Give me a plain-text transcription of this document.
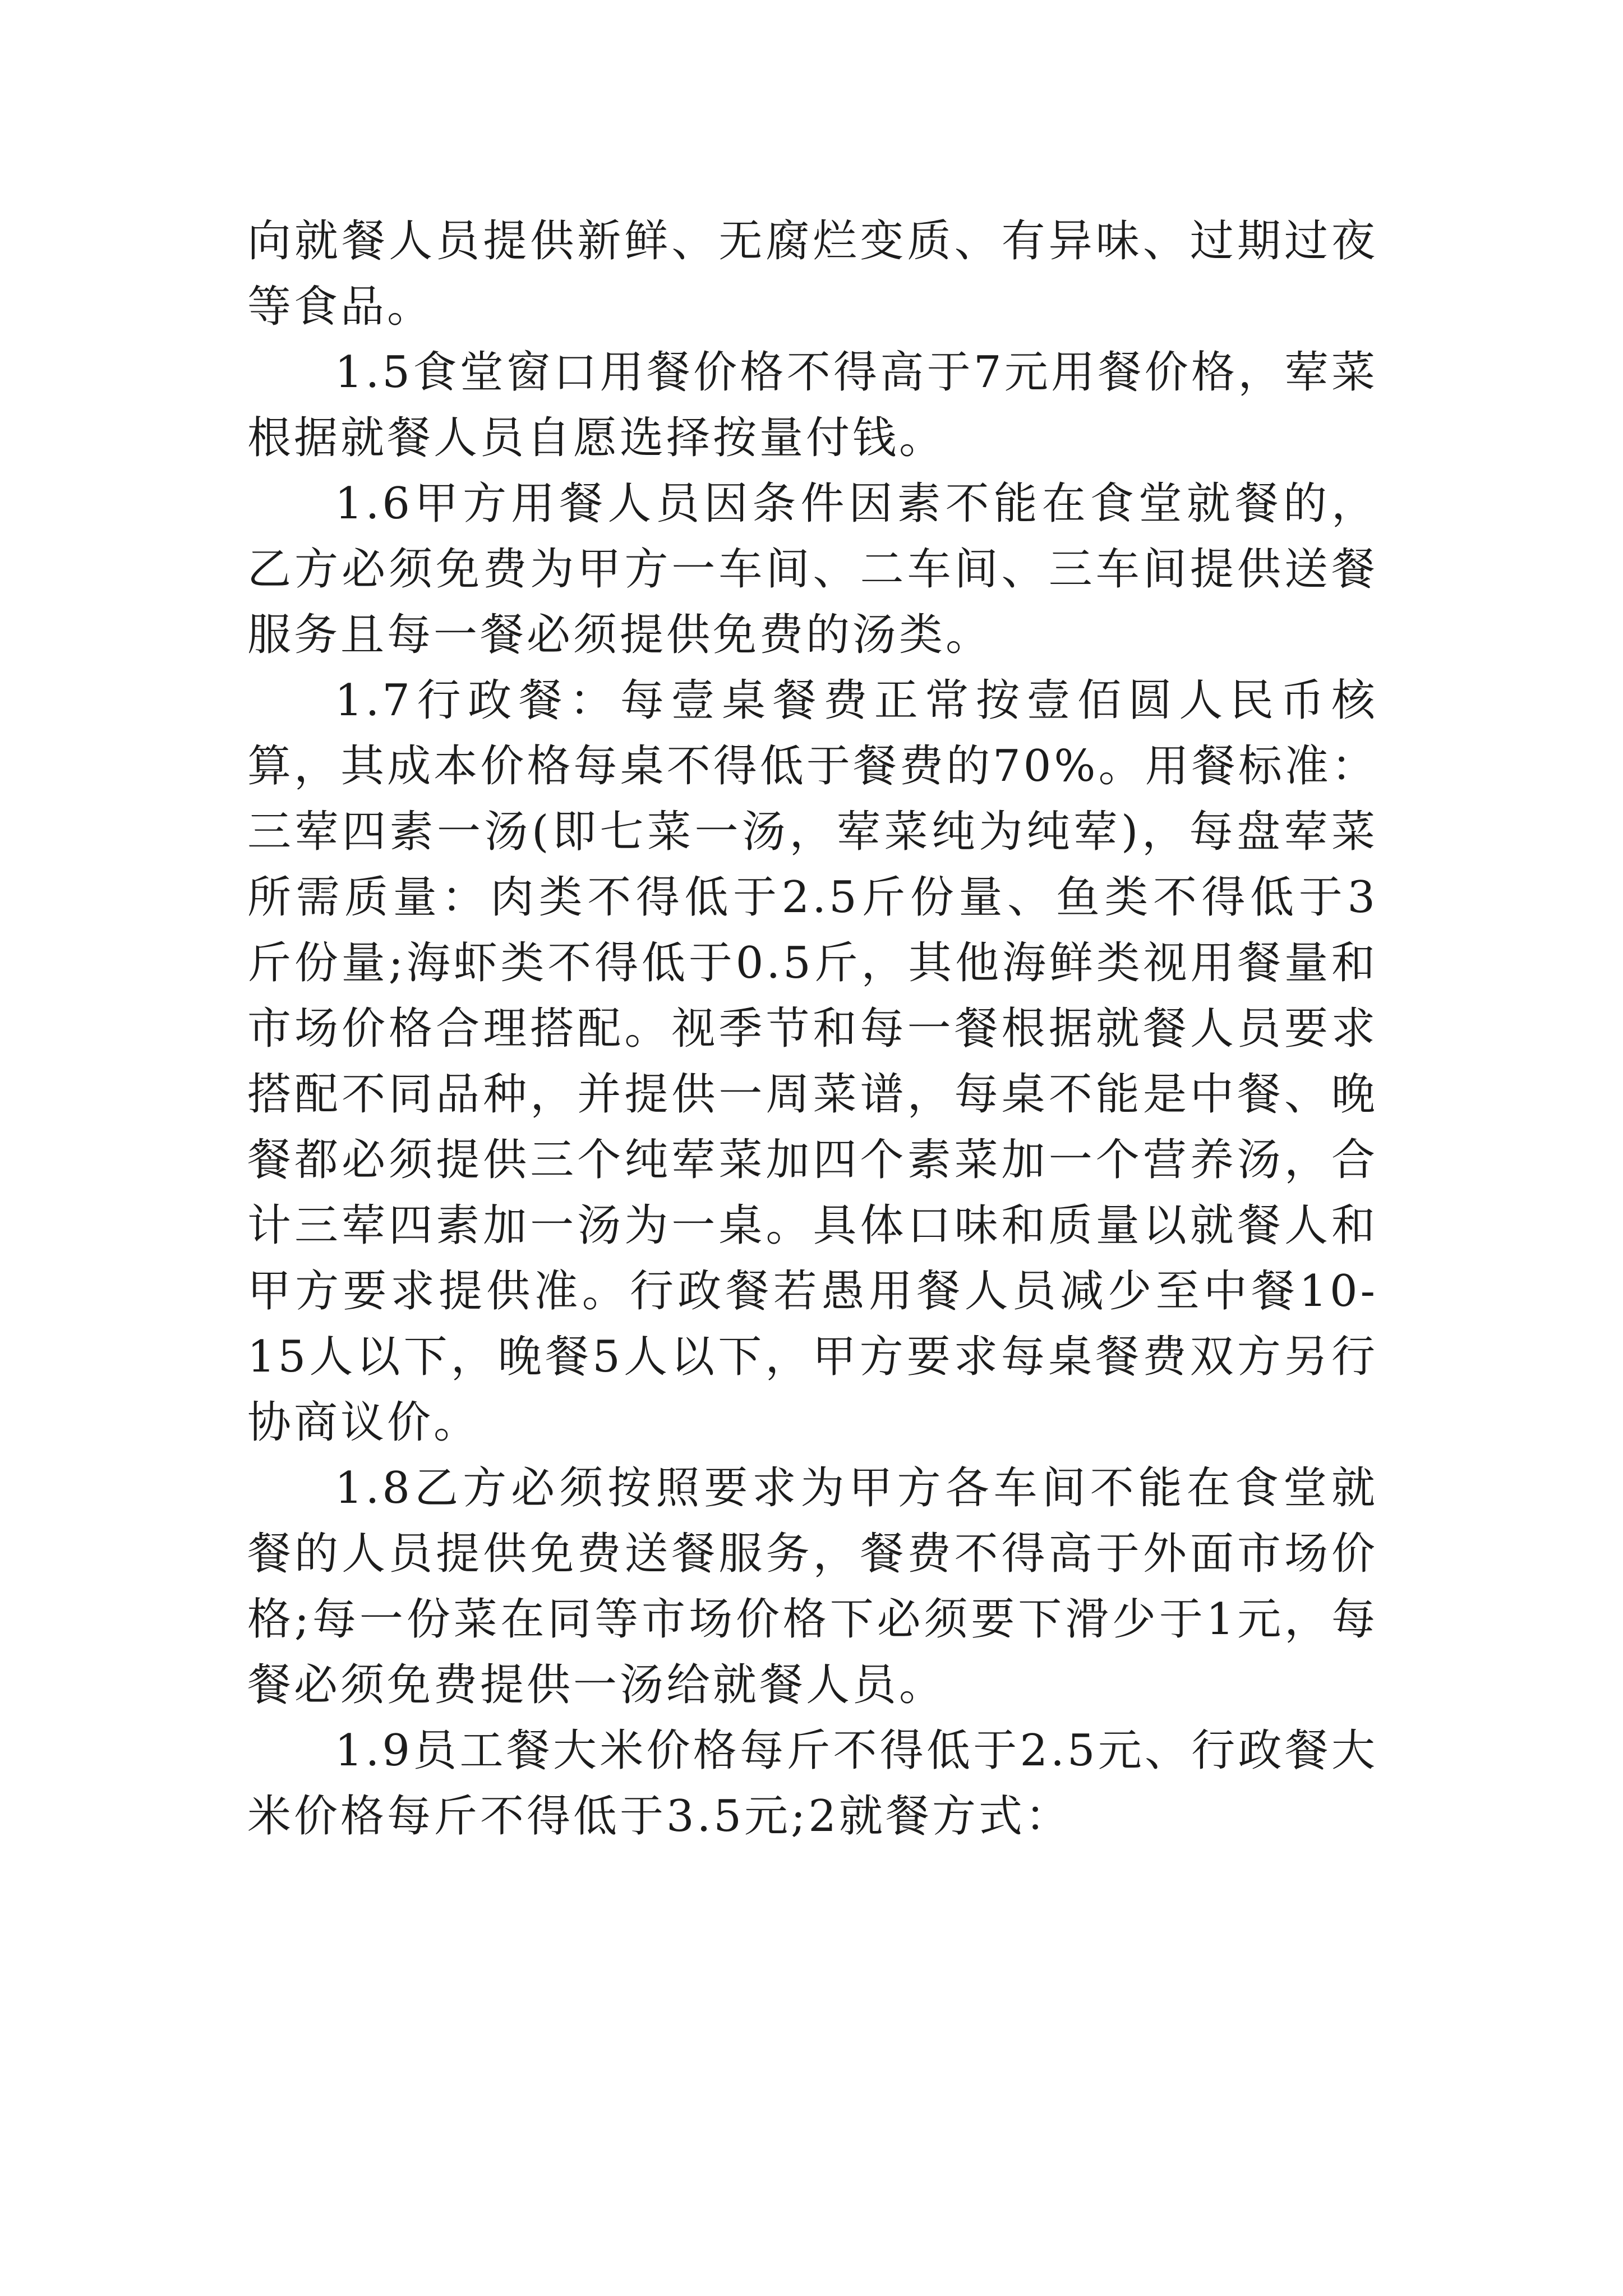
向就餐人员提供新鲜、无腐烂变质、有异味、过期过夜等食品。

1.5食堂窗口用餐价格不得高于7元用餐价格，荤菜根据就餐人员自愿选择按量付钱。

1.6甲方用餐人员因条件因素不能在食堂就餐的，乙方必须免费为甲方一车间、二车间、三车间提供送餐服务且每一餐必须提供免费的汤类。

1.7行政餐：每壹桌餐费正常按壹佰圆人民币核算，其成本价格每桌不得低于餐费的70%。用餐标准：三荤四素一汤(即七菜一汤，荤菜纯为纯荤)，每盘荤菜所需质量：肉类不得低于2.5斤份量、鱼类不得低于3斤份量;海虾类不得低于0.5斤，其他海鲜类视用餐量和市场价格合理搭配。视季节和每一餐根据就餐人员要求搭配不同品种，并提供一周菜谱，每桌不能是中餐、晚餐都必须提供三个纯荤菜加四个素菜加一个营养汤，合计三荤四素加一汤为一桌。具体口味和质量以就餐人和甲方要求提供准。行政餐若愚用餐人员减少至中餐10-15人以下，晚餐5人以下，甲方要求每桌餐费双方另行协商议价。

1.8乙方必须按照要求为甲方各车间不能在食堂就餐的人员提供免费送餐服务，餐费不得高于外面市场价格;每一份菜在同等市场价格下必须要下滑少于1元，每餐必须免费提供一汤给就餐人员。

1.9员工餐大米价格每斤不得低于2.5元、行政餐大米价格每斤不得低于3.5元;2就餐方式：
